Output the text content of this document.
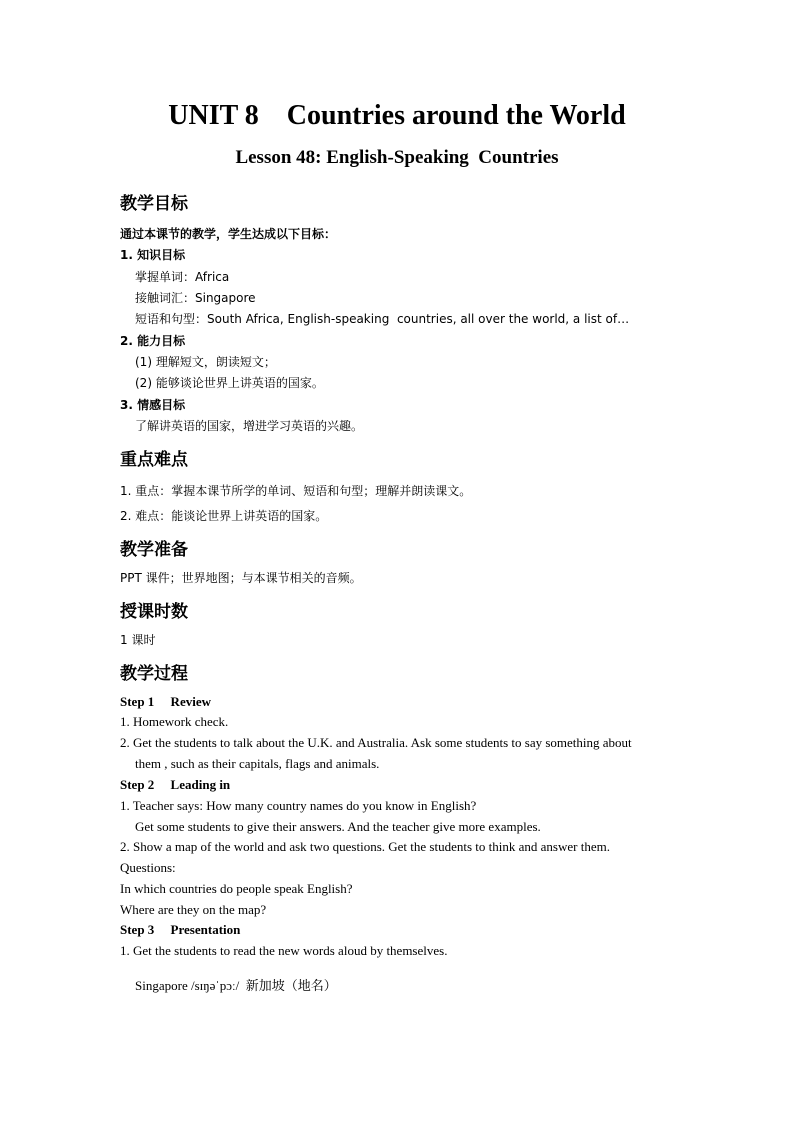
UNIT 8    Countries around the World
Lesson 48: English-Speaking  Countries
教学目标
通过本课节的教学，学生达成以下目标：
1. 知识目标
掌握单词：Africa
接触词汇：Singapore
短语和句型：South Africa, English-speaking  countries, all over the world, a list of…
2. 能力目标
(1) 理解短文，朗读短文；
(2) 能够谈论世界上讲英语的国家。
3. 情感目标
了解讲英语的国家，增进学习英语的兴趣。
重点难点
1. 重点：掌握本课节所学的单词、短语和句型；理解并朗读课文。
2. 难点：能谈论世界上讲英语的国家。
教学准备
PPT 课件；世界地图；与本课节相关的音频。
授课时数
1 课时
教学过程
Step 1     Review
1. Homework check.
2. Get the students to talk about the U.K. and Australia. Ask some students to say something about
them , such as their capitals, flags and animals.
Step 2     Leading in
1. Teacher says: How many country names do you know in English?
Get some students to give their answers. And the teacher give more examples.
2. Show a map of the world and ask two questions. Get the students to think and answer them.
Questions:
In which countries do people speak English?
Where are they on the map?
Step 3     Presentation
1. Get the students to read the new words aloud by themselves.
Singapore /sɪŋəˈpɔː/  新加坡（地名）
